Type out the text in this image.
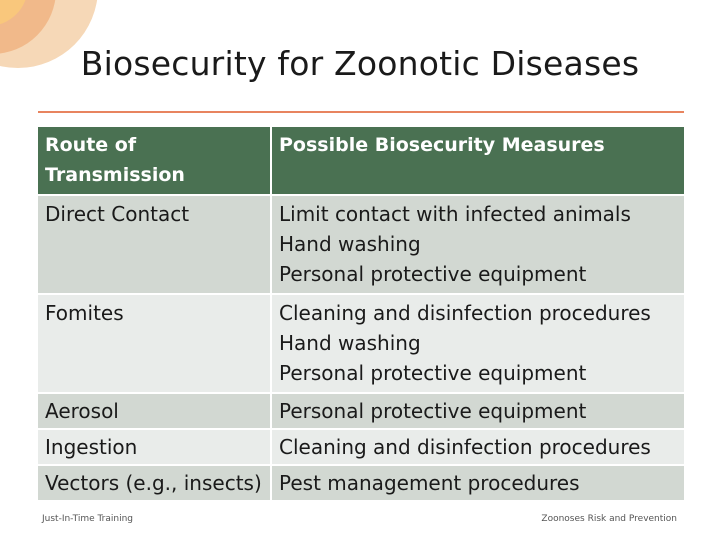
Biosecurity for Zoonotic Diseases
Route of Transmission	Possible Biosecurity Measures
Direct Contact	Limit contact with infected animals
Hand washing
Personal protective equipment

Fomites	Cleaning and disinfection procedures
Hand washing
Personal protective equipment

Aerosol	Personal protective equipment

Ingestion	Cleaning and disinfection procedures

Vectors (e.g., insects)	Pest management procedures
Just-In-Time Training	Zoonoses Risk and Prevention
